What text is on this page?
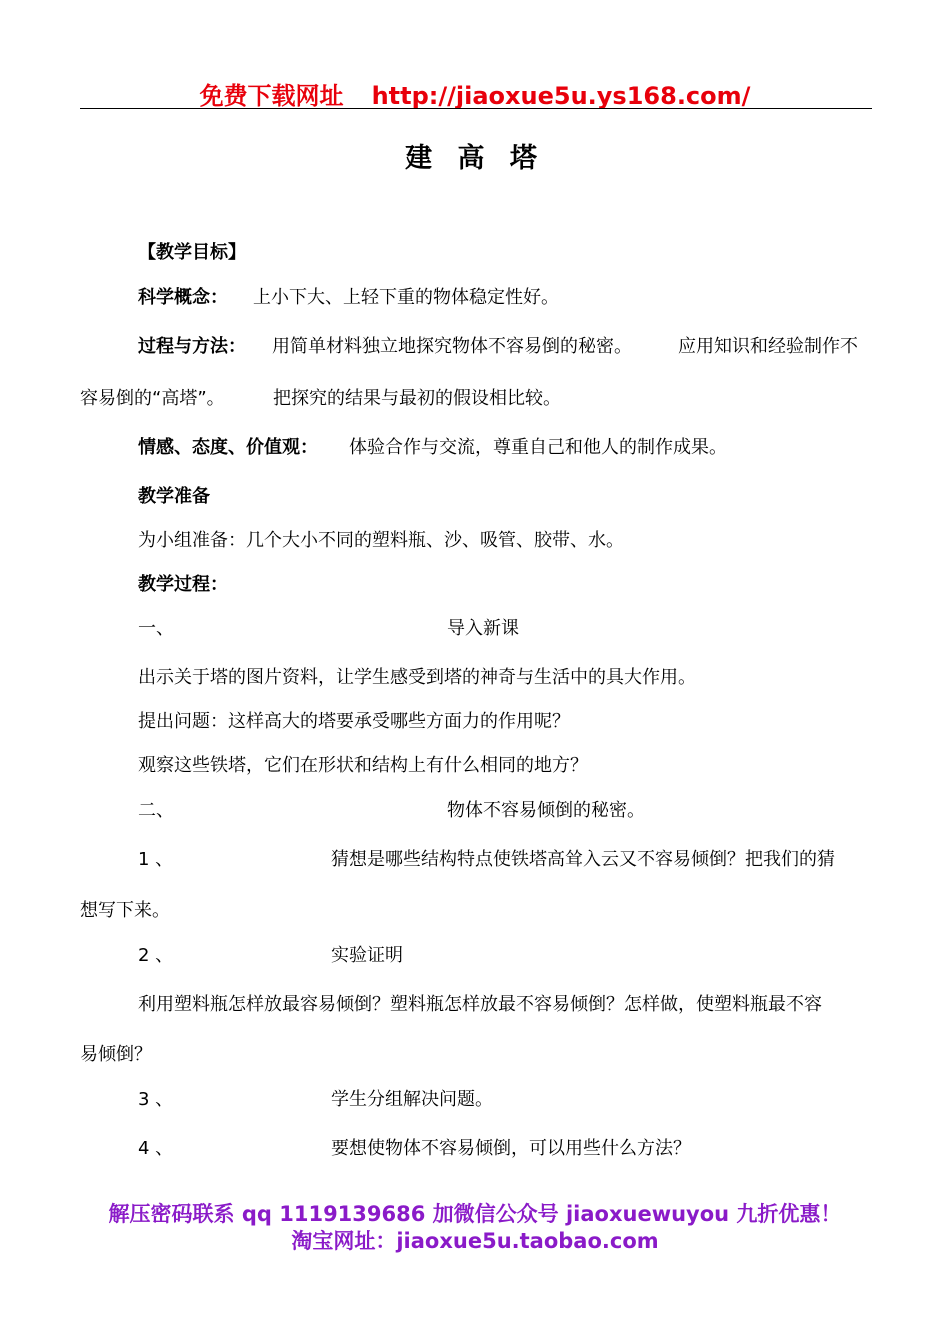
免费下载网址 http://jiaoxue5u.ys168.com/
建 高 塔
【教学目标】
科学概念： 上小下大、上轻下重的物体稳定性好。
过程与方法： 用简单材料独立地探究物体不容易倒的秘密。	应用知识和经验制作不
容易倒的“高塔”。	把探究的结果与最初的假设相比较。
情感、态度、价值观： 体验合作与交流，尊重自己和他人的制作成果。
教学准备
为小组准备：几个大小不同的塑料瓶、沙、吸管、胶带、水。
教学过程：
一、	导入新课
出示关于塔的图片资料，让学生感受到塔的神奇与生活中的具大作用。
提出问题：这样高大的塔要承受哪些方面力的作用呢？
观察这些铁塔，它们在形状和结构上有什么相同的地方？
二、	物体不容易倾倒的秘密。
1 、	猜想是哪些结构特点使铁塔高耸入云又不容易倾倒？把我们的猜
想写下来。
2 、	实验证明
利用塑料瓶怎样放最容易倾倒？塑料瓶怎样放最不容易倾倒？怎样做，使塑料瓶最不容
易倾倒？
3 、	学生分组解决问题。
4 、	要想使物体不容易倾倒，可以用些什么方法？
解压密码联系 qq 1119139686 加微信公众号 jiaoxuewuyou 九折优惠！
淘宝网址：jiaoxue5u.taobao.com
